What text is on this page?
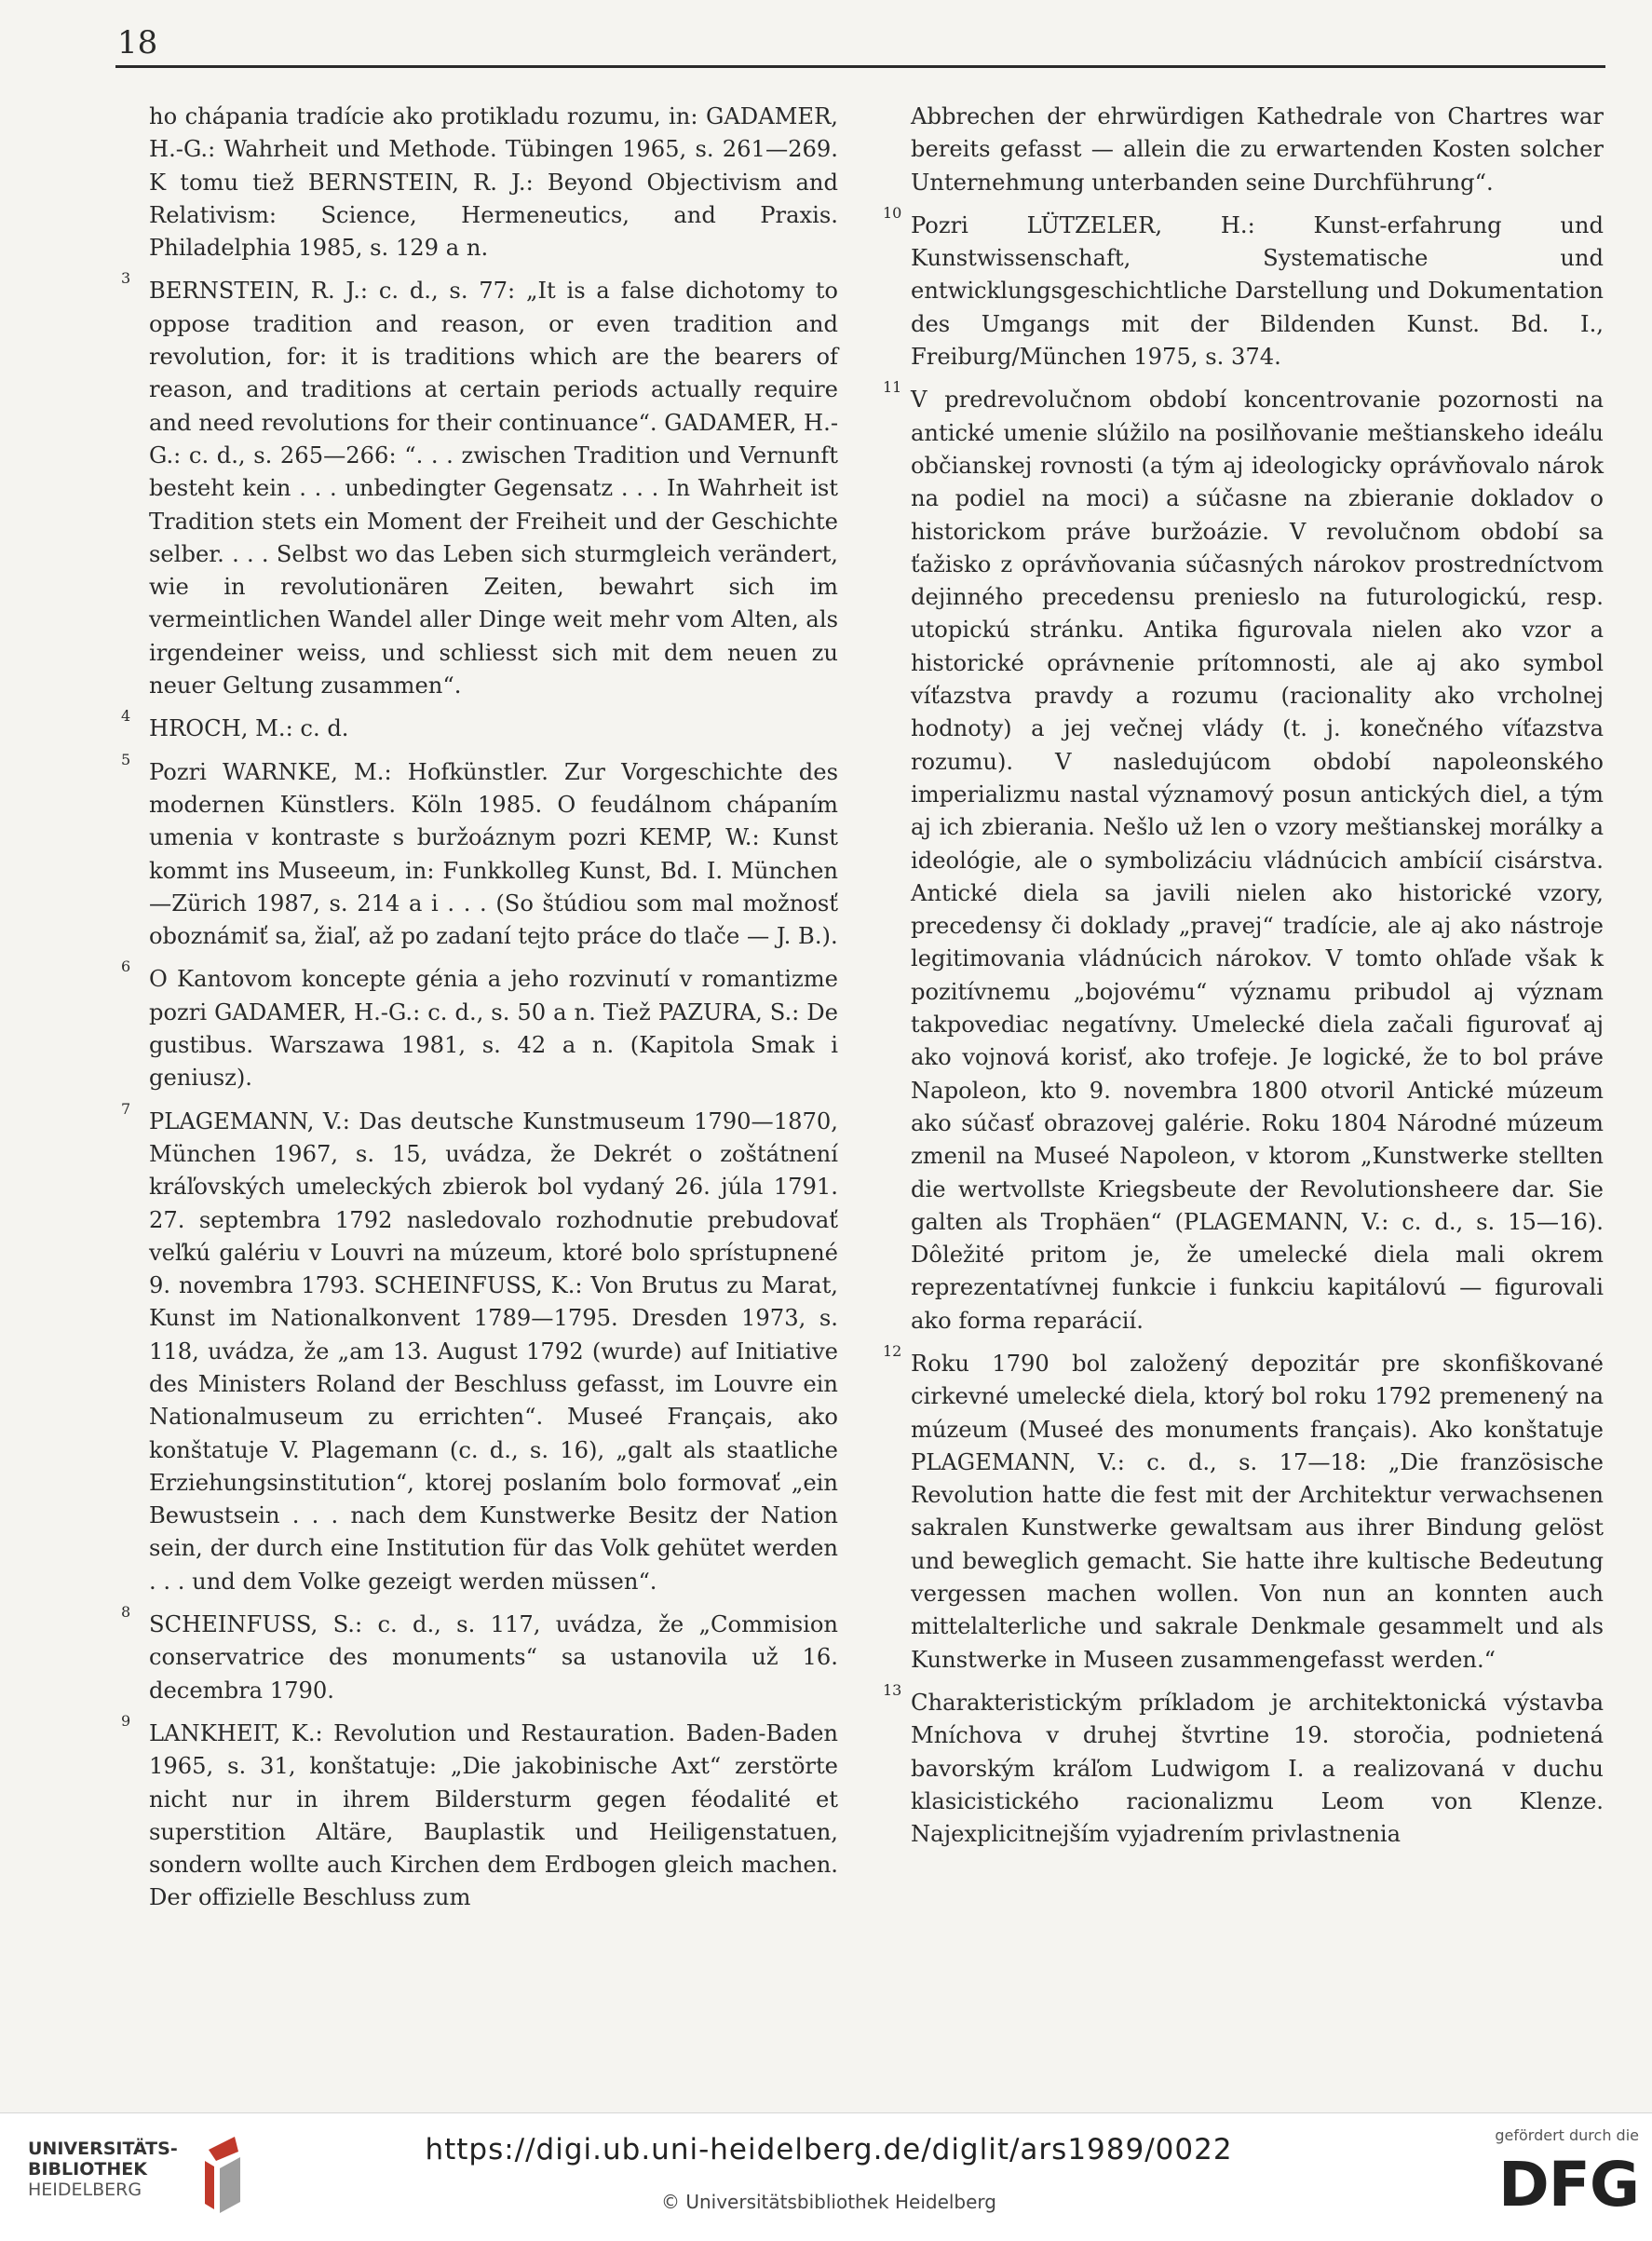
18

ho chápania tradície ako protikladu rozumu, in: GADAMER, H.-G.: Wahrheit und Methode. Tübingen 1965, s. 261—269. K tomu tiež BERNSTEIN, R. J.: Beyond Objectivism and Relativism: Science, Hermeneutics, and Praxis. Philadelphia 1985, s. 129 a n.

3 BERNSTEIN, R. J.: c. d., s. 77: „It is a false dichotomy to oppose tradition and reason, or even tradition and revolution, for: it is traditions which are the bearers of reason, and traditions at certain periods actually require and need revolutions for their continuance“. GADAMER, H.-G.: c. d., s. 265—266: “. . . zwischen Tradition und Vernunft besteht kein . . . unbedingter Gegensatz . . . In Wahrheit ist Tradition stets ein Moment der Freiheit und der Geschichte selber. . . . Selbst wo das Leben sich sturmgleich verändert, wie in revolutionären Zeiten, bewahrt sich im vermeintlichen Wandel aller Dinge weit mehr vom Alten, als irgendeiner weiss, und schliesst sich mit dem neuen zu neuer Geltung zusammen“.

4 HROCH, M.: c. d.

5 Pozri WARNKE, M.: Hofkünstler. Zur Vorgeschichte des modernen Künstlers. Köln 1985. O feudálnom chápaním umenia v kontraste s buržoáznym pozri KEMP, W.: Kunst kommt ins Museeum, in: Funkkolleg Kunst, Bd. I. München—Zürich 1987, s. 214 a i . . . (So štúdiou som mal možnosť oboznámiť sa, žiaľ, až po zadaní tejto práce do tlače — J. B.).

6 O Kantovom koncepte génia a jeho rozvinutí v romantizme pozri GADAMER, H.-G.: c. d., s. 50 a n. Tiež PAZURA, S.: De gustibus. Warszawa 1981, s. 42 a n. (Kapitola Smak i geniusz).

7 PLAGEMANN, V.: Das deutsche Kunstmuseum 1790—1870, München 1967, s. 15, uvádza, že Dekrét o zoštátnení kráľovských umeleckých zbierok bol vydaný 26. júla 1791. 27. septembra 1792 nasledovalo rozhodnutie prebudovať veľkú galériu v Louvri na múzeum, ktoré bolo sprístupnené 9. novembra 1793. SCHEINFUSS, K.: Von Brutus zu Marat, Kunst im Nationalkonvent 1789—1795. Dresden 1973, s. 118, uvádza, že „am 13. August 1792 (wurde) auf Initiative des Ministers Roland der Beschluss gefasst, im Louvre ein Nationalmuseum zu errichten“. Museé Français, ako konštatuje V. Plagemann (c. d., s. 16), „galt als staatliche Erziehungsinstitution“, ktorej poslaním bolo formovať „ein Bewustsein . . . nach dem Kunstwerke Besitz der Nation sein, der durch eine Institution für das Volk gehütet werden . . . und dem Volke gezeigt werden müssen“.

8 SCHEINFUSS, S.: c. d., s. 117, uvádza, že „Commision conservatrice des monuments“ sa ustanovila už 16. decembra 1790.

9 LANKHEIT, K.: Revolution und Restauration. Baden-Baden 1965, s. 31, konštatuje: „Die jakobinische Axt“ zerstörte nicht nur in ihrem Bildersturm gegen féodalité et superstition Altäre, Bauplastik und Heiligenstatuen, sondern wollte auch Kirchen dem Erdbogen gleich machen. Der offizielle Beschluss zum

Abbrechen der ehrwürdigen Kathedrale von Chartres war bereits gefasst — allein die zu erwartenden Kosten solcher Unternehmung unterbanden seine Durchführung“.

10 Pozri LÜTZELER, H.: Kunst-erfahrung und Kunstwissenschaft, Systematische und entwicklungsgeschichtliche Darstellung und Dokumentation des Umgangs mit der Bildenden Kunst. Bd. I., Freiburg/München 1975, s. 374.

11 V predrevolučnom období koncentrovanie pozornosti na antické umenie slúžilo na posilňovanie meštianskeho ideálu občianskej rovnosti (a tým aj ideologicky oprávňovalo nárok na podiel na moci) a súčasne na zbieranie dokladov o historickom práve buržoázie. V revolučnom období sa ťažisko z oprávňovania súčasných nárokov prostredníctvom dejinného precedensu prenieslo na futurologickú, resp. utopickú stránku. Antika figurovala nielen ako vzor a historické oprávnenie prítomnosti, ale aj ako symbol víťazstva pravdy a rozumu (racionality ako vrcholnej hodnoty) a jej večnej vlády (t. j. konečného víťazstva rozumu). V nasledujúcom období napoleonského imperializmu nastal významový posun antických diel, a tým aj ich zbierania. Nešlo už len o vzory meštianskej morálky a ideológie, ale o symbolizáciu vládnúcich ambícií cisárstva. Antické diela sa javili nielen ako historické vzory, precedensy či doklady „pravej“ tradície, ale aj ako nástroje legitimovania vládnúcich nárokov. V tomto ohľade však k pozitívnemu „bojovému“ významu pribudol aj význam takpovediac negatívny. Umelecké diela začali figurovať aj ako vojnová korisť, ako trofeje. Je logické, že to bol práve Napoleon, kto 9. novembra 1800 otvoril Antické múzeum ako súčasť obrazovej galérie. Roku 1804 Národné múzeum zmenil na Museé Napoleon, v ktorom „Kunstwerke stellten die wertvollste Kriegsbeute der Revolutionsheere dar. Sie galten als Trophäen“ (PLAGEMANN, V.: c. d., s. 15—16). Dôležité pritom je, že umelecké diela mali okrem reprezentatívnej funkcie i funkciu kapitálovú — figurovali ako forma reparácií.

12 Roku 1790 bol založený depozitár pre skonfiškované cirkevné umelecké diela, ktorý bol roku 1792 premenený na múzeum (Museé des monuments français). Ako konštatuje PLAGEMANN, V.: c. d., s. 17—18: „Die französische Revolution hatte die fest mit der Architektur verwachsenen sakralen Kunstwerke gewaltsam aus ihrer Bindung gelöst und beweglich gemacht. Sie hatte ihre kultische Bedeutung vergessen machen wollen. Von nun an konnten auch mittelalterliche und sakrale Denkmale gesammelt und als Kunstwerke in Museen zusammengefasst werden.“

13 Charakteristickým príkladom je architektonická výstavba Mníchova v druhej štvrtine 19. storočia, podnietená bavorským kráľom Ludwigom I. a realizovaná v duchu klasicistického racionalizmu Leom von Klenze. Najexplicitnejším vyjadrením privlastnenia

UNIVERSITÄTS-
BIBLIOTHEK
HEIDELBERG
https://digi.ub.uni-heidelberg.de/diglit/ars1989/0022
© Universitätsbibliothek Heidelberg
gefördert durch die
DFG
